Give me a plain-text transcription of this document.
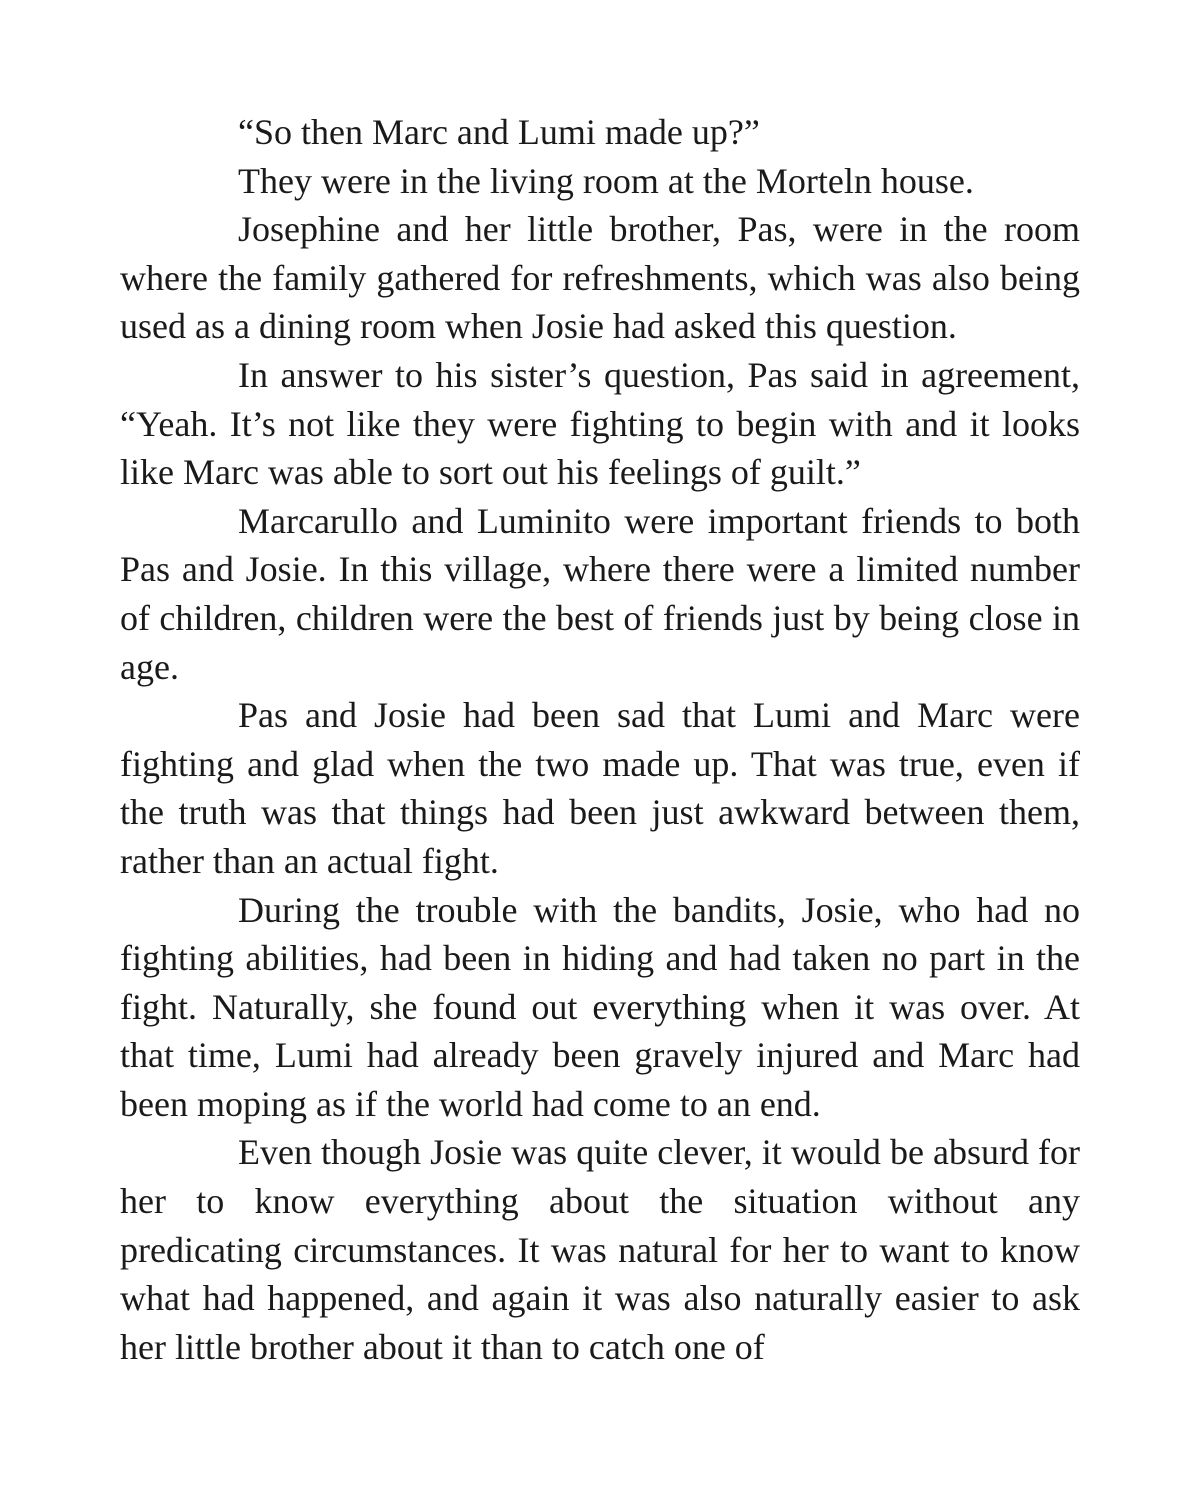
“So then Marc and Lumi made up?”

They were in the living room at the Morteln house.

Josephine and her little brother, Pas, were in the room where the family gathered for refreshments, which was also being used as a dining room when Josie had asked this question.

In answer to his sister’s question, Pas said in agreement, “Yeah. It’s not like they were fighting to begin with and it looks like Marc was able to sort out his feelings of guilt.”

Marcarullo and Luminito were important friends to both Pas and Josie. In this village, where there were a limited number of children, children were the best of friends just by being close in age.

Pas and Josie had been sad that Lumi and Marc were fighting and glad when the two made up. That was true, even if the truth was that things had been just awkward between them, rather than an actual fight.

During the trouble with the bandits, Josie, who had no fighting abilities, had been in hiding and had taken no part in the fight. Naturally, she found out everything when it was over. At that time, Lumi had already been gravely injured and Marc had been moping as if the world had come to an end.

Even though Josie was quite clever, it would be absurd for her to know everything about the situation without any predicating circumstances. It was natural for her to want to know what had happened, and again it was also naturally easier to ask her little brother about it than to catch one of
